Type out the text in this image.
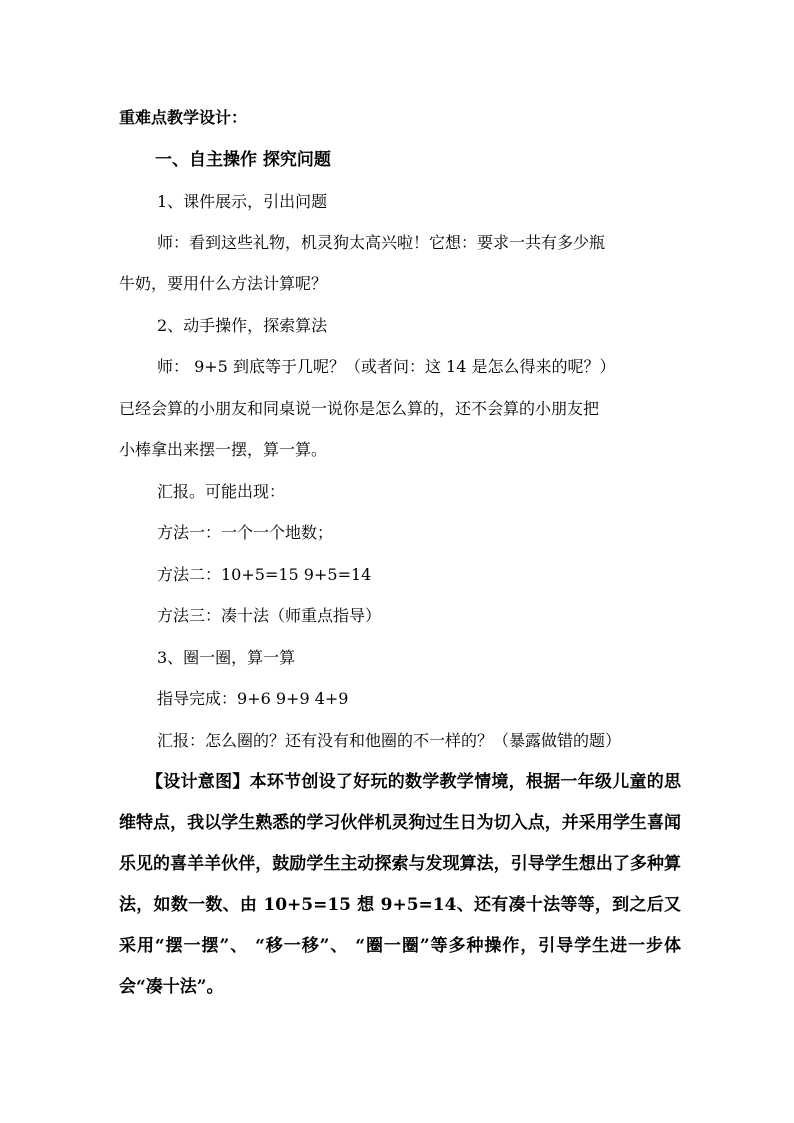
重难点教学设计：
一、自主操作 探究问题
1、课件展示，引出问题
师：看到这些礼物，机灵狗太高兴啦！它想：要求一共有多少瓶
牛奶，要用什么方法计算呢？
2、动手操作，探索算法
师： 9+5 到底等于几呢？（或者问：这 14 是怎么得来的呢？）
已经会算的小朋友和同桌说一说你是怎么算的，还不会算的小朋友把
小棒拿出来摆一摆，算一算。
汇报。可能出现：
方法一：一个一个地数；
方法二：10+5=15 9+5=14
方法三：凑十法（师重点指导）
3、圈一圈，算一算
指导完成：9+6 9+9 4+9
汇报：怎么圈的？还有没有和他圈的不一样的？（暴露做错的题）
【设计意图】本环节创设了好玩的数学教学情境，根据一年级儿童的思维特点，我以学生熟悉的学习伙伴机灵狗过生日为切入点，并采用学生喜闻乐见的喜羊羊伙伴，鼓励学生主动探索与发现算法，引导学生想出了多种算法，如数一数、由 10+5=15 想 9+5=14、还有凑十法等等，到之后又采用“摆一摆”、 “移一移”、 “圈一圈”等多种操作，引导学生进一步体会“凑十法”。
